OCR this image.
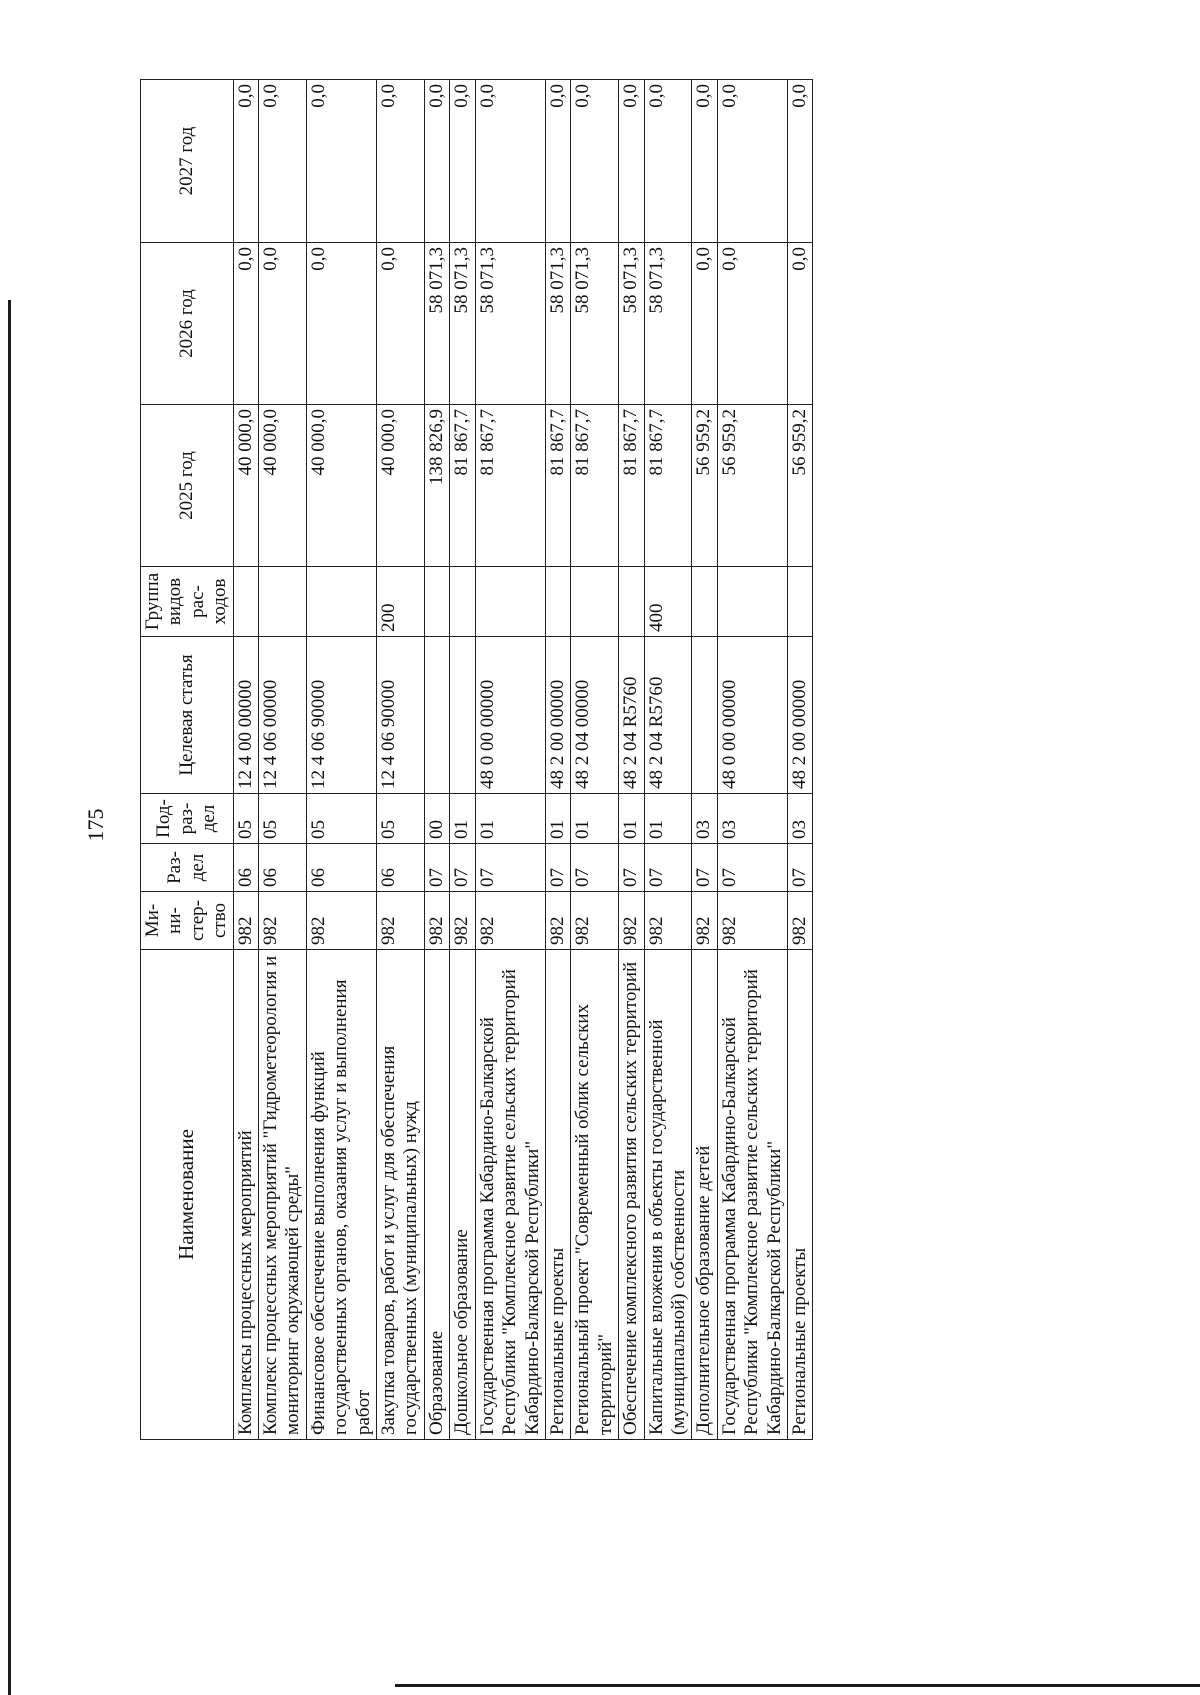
175
Наименование	Ми-ни-стер-ство	Раз-дел	Под-раз-дел	Целевая статья	Группа видов рас-ходов	2025 год	2026 год	2027 год
Комплексы процессных мероприятий	982	06	05	12 4 00 00000		40 000,0	0,0	0,0
Комплекс процессных мероприятий "Гидрометеорология и мониторинг окружающей среды"	982	06	05	12 4 06 00000		40 000,0	0,0	0,0
Финансовое обеспечение выполнения функций государственных органов, оказания услуг и выполнения работ	982	06	05	12 4 06 90000		40 000,0	0,0	0,0
Закупка товаров, работ и услуг для обеспечения государственных (муниципальных) нужд	982	06	05	12 4 06 90000	200	40 000,0	0,0	0,0
Образование	982	07	00			138 826,9	58 071,3	0,0
Дошкольное образование	982	07	01			81 867,7	58 071,3	0,0
Государственная программа Кабардино-Балкарской Республики "Комплексное развитие сельских территорий Кабардино-Балкарской Республики"	982	07	01	48 0 00 00000		81 867,7	58 071,3	0,0
Региональные проекты	982	07	01	48 2 00 00000		81 867,7	58 071,3	0,0
Региональный проект "Современный облик сельских территорий"	982	07	01	48 2 04 00000		81 867,7	58 071,3	0,0
Обеспечение комплексного развития сельских территорий	982	07	01	48 2 04 R5760		81 867,7	58 071,3	0,0
Капитальные вложения в объекты государственной (муниципальной) собственности	982	07	01	48 2 04 R5760	400	81 867,7	58 071,3	0,0
Дополнительное образование детей	982	07	03			56 959,2	0,0	0,0
Государственная программа Кабардино-Балкарской Республики "Комплексное развитие сельских территорий Кабардино-Балкарской Республики"	982	07	03	48 0 00 00000		56 959,2	0,0	0,0
Региональные проекты	982	07	03	48 2 00 00000		56 959,2	0,0	0,0
